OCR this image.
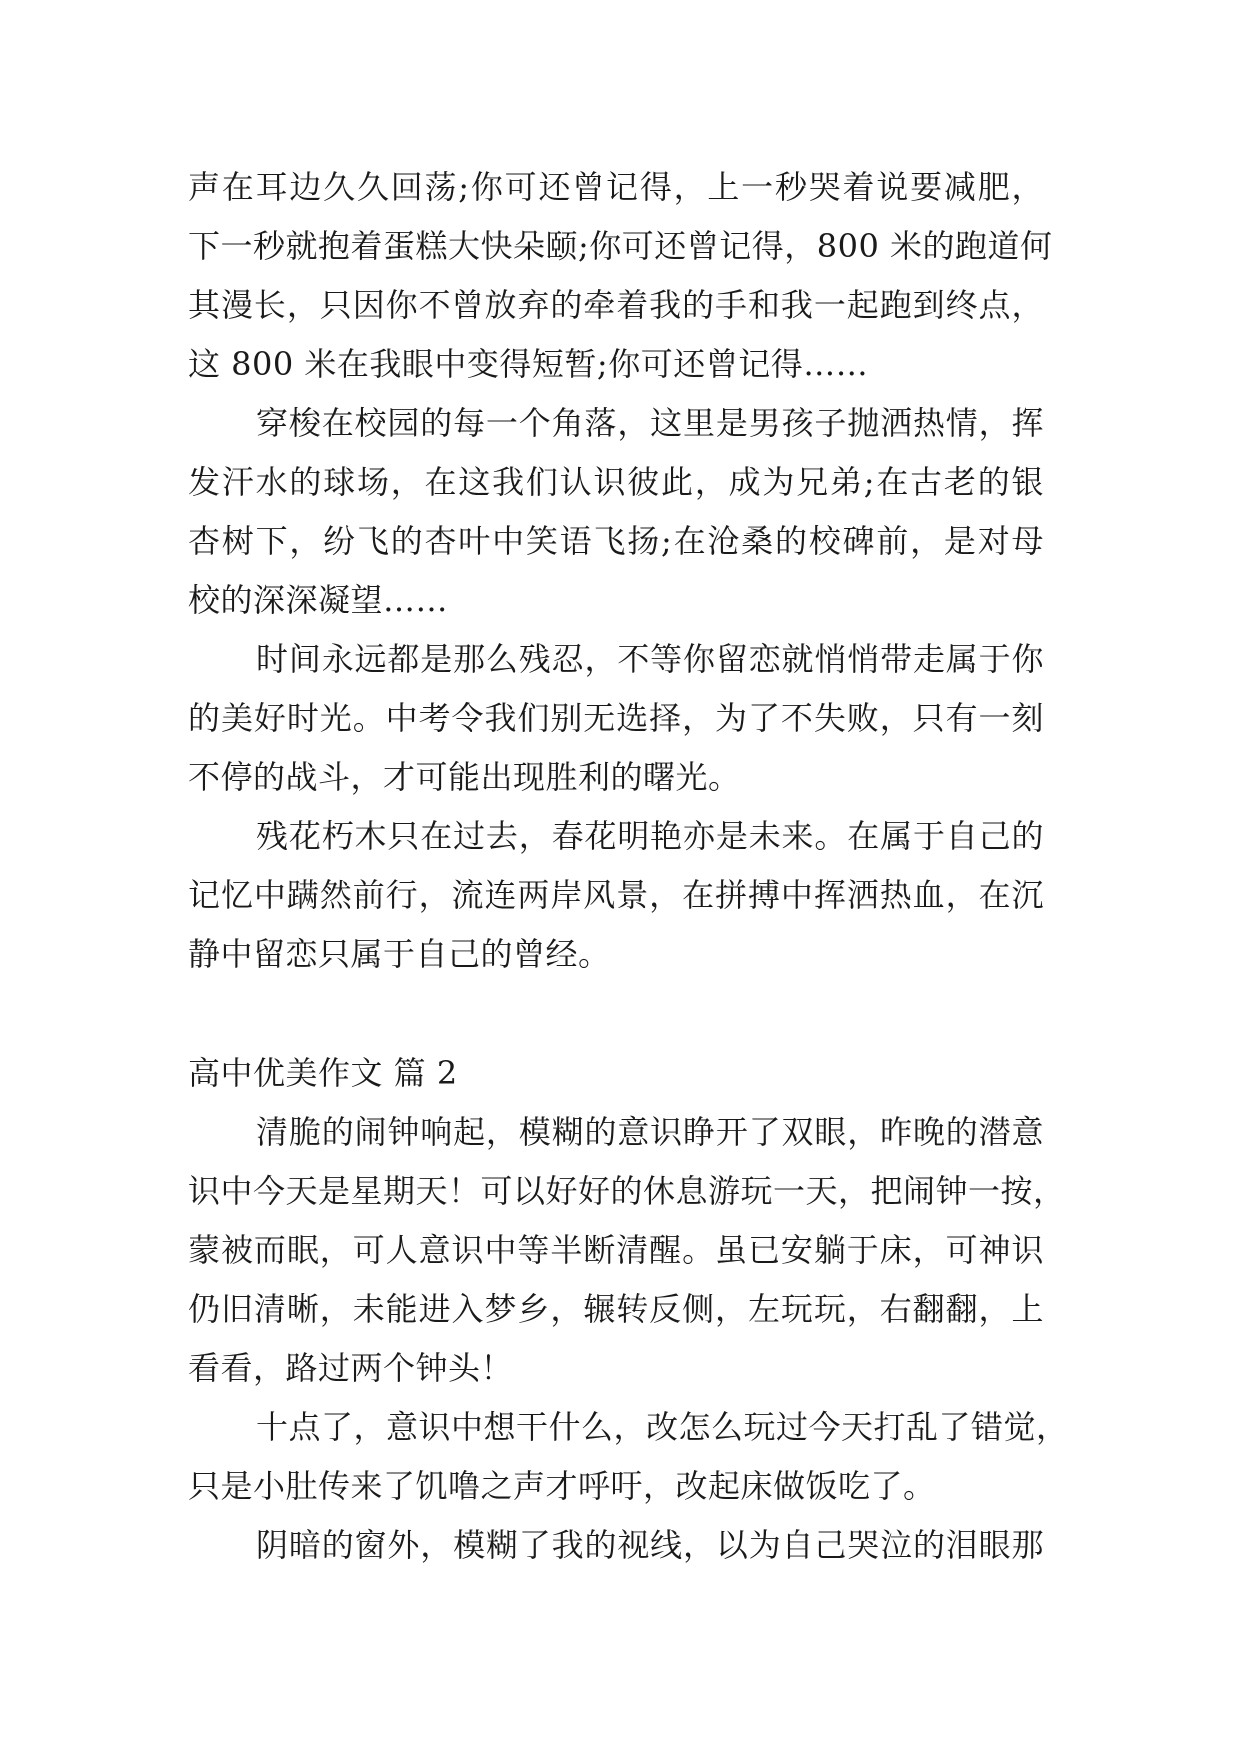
声在耳边久久回荡;你可还曾记得，上一秒哭着说要减肥，
下一秒就抱着蛋糕大快朵颐;你可还曾记得，800 米的跑道何
其漫长，只因你不曾放弃的牵着我的手和我一起跑到终点，
这 800 米在我眼中变得短暂;你可还曾记得……
穿梭在校园的每一个角落，这里是男孩子抛洒热情，挥
发汗水的球场，在这我们认识彼此，成为兄弟;在古老的银
杏树下，纷飞的杏叶中笑语飞扬;在沧桑的校碑前，是对母
校的深深凝望……
时间永远都是那么残忍，不等你留恋就悄悄带走属于你
的美好时光。中考令我们别无选择，为了不失败，只有一刻
不停的战斗，才可能出现胜利的曙光。
残花朽木只在过去，春花明艳亦是未来。在属于自己的
记忆中蹒然前行，流连两岸风景，在拼搏中挥洒热血，在沉
静中留恋只属于自己的曾经。
高中优美作文 篇 2
清脆的闹钟响起，模糊的意识睁开了双眼，昨晚的潜意
识中今天是星期天！可以好好的休息游玩一天，把闹钟一按，
蒙被而眠，可人意识中等半断清醒。虽已安躺于床，可神识
仍旧清晰，未能进入梦乡，辗转反侧，左玩玩，右翻翻，上
看看，路过两个钟头！
十点了，意识中想干什么，改怎么玩过今天打乱了错觉，
只是小肚传来了饥噜之声才呼吁，改起床做饭吃了。
阴暗的窗外，模糊了我的视线，以为自己哭泣的泪眼那
